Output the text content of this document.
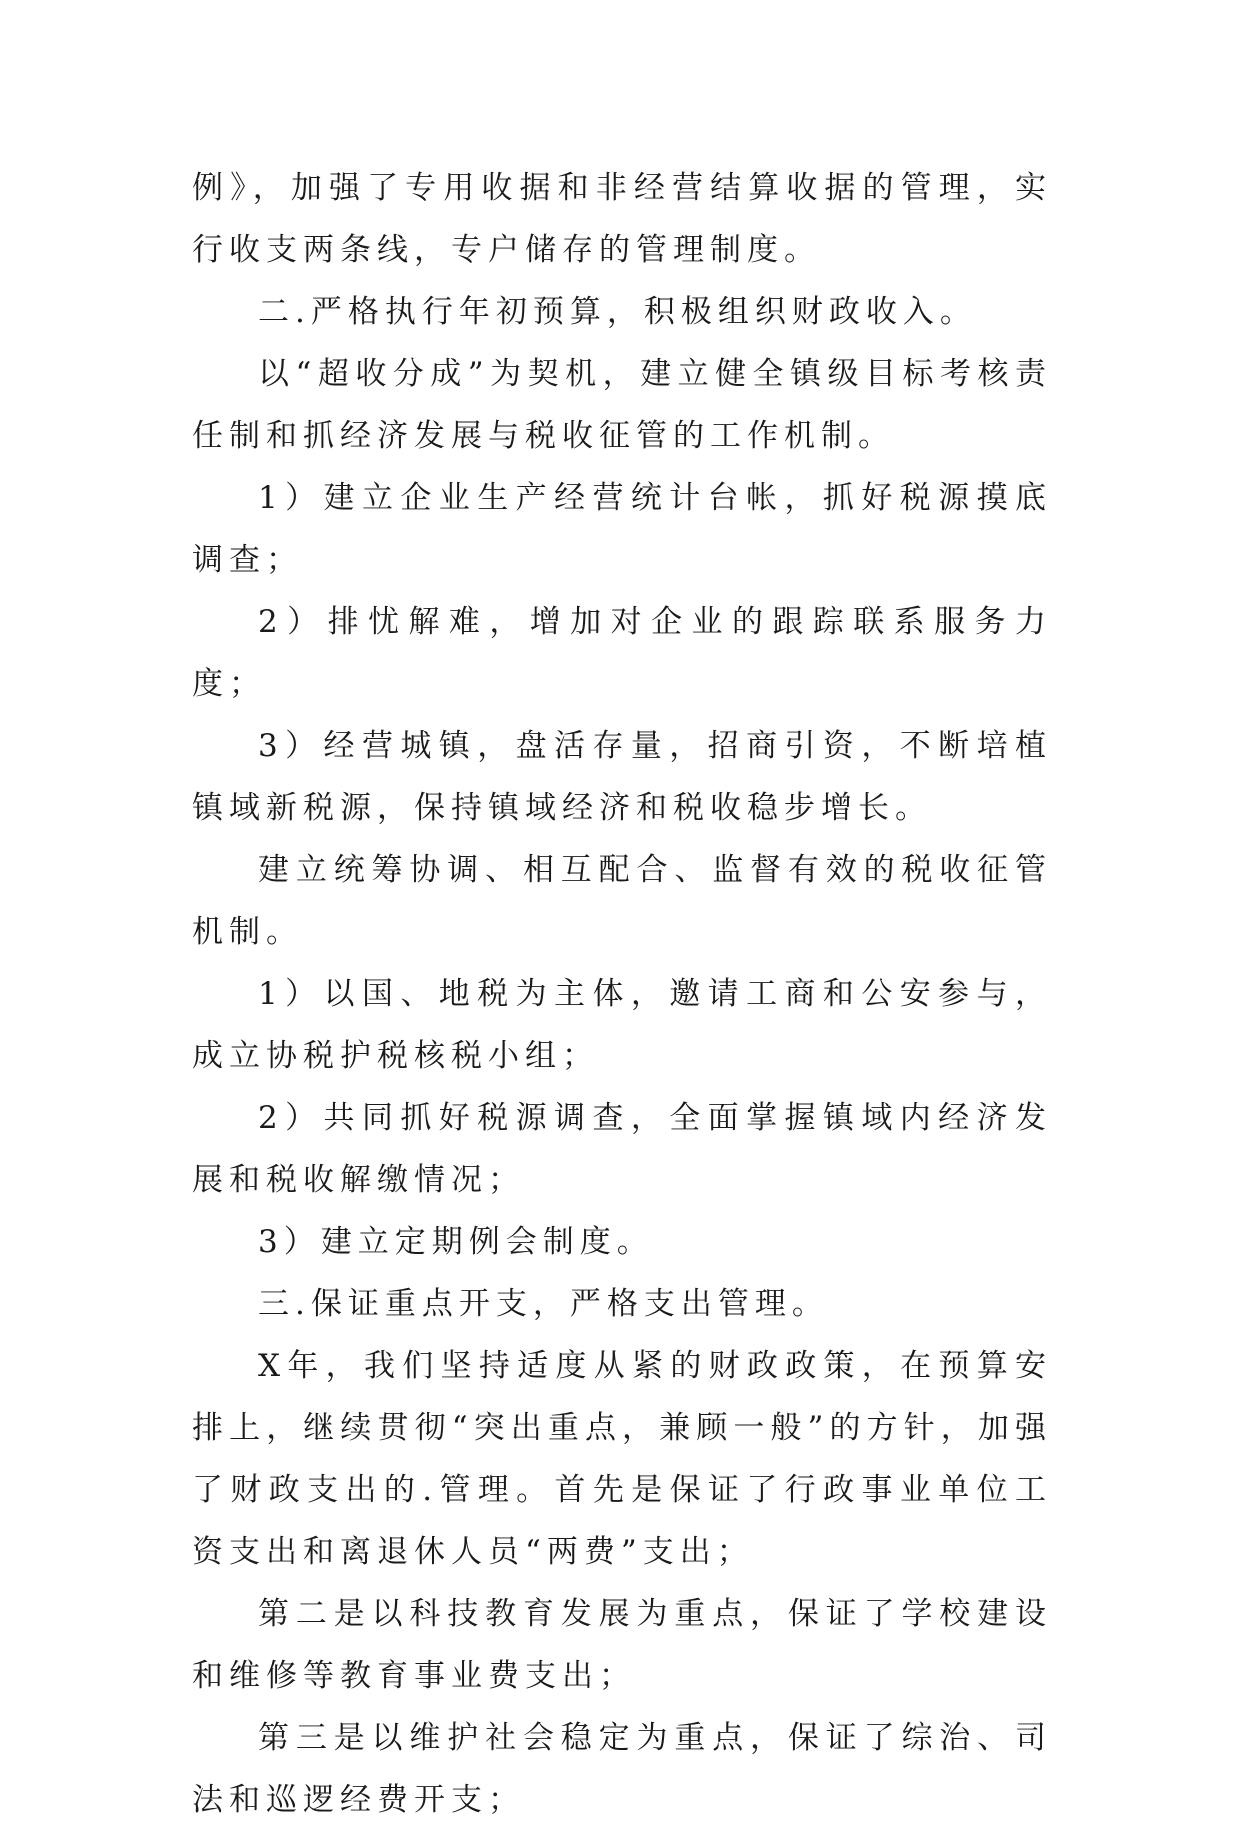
例》，加强了专用收据和非经营结算收据的管理，实行收支两条线，专户储存的管理制度。

二.严格执行年初预算，积极组织财政收入。

以“超收分成”为契机，建立健全镇级目标考核责任制和抓经济发展与税收征管的工作机制。

1）建立企业生产经营统计台帐，抓好税源摸底调查；

2）排忧解难，增加对企业的跟踪联系服务力度；

3）经营城镇，盘活存量，招商引资，不断培植镇域新税源，保持镇域经济和税收稳步增长。

建立统筹协调、相互配合、监督有效的税收征管机制。

1）以国、地税为主体，邀请工商和公安参与，成立协税护税核税小组；

2）共同抓好税源调查，全面掌握镇域内经济发展和税收解缴情况；

3）建立定期例会制度。

三.保证重点开支，严格支出管理。

X年，我们坚持适度从紧的财政政策，在预算安排上，继续贯彻“突出重点，兼顾一般”的方针，加强了财政支出的.管理。首先是保证了行政事业单位工资支出和离退休人员“两费”支出；

第二是以科技教育发展为重点，保证了学校建设和维修等教育事业费支出；

第三是以维护社会稳定为重点，保证了综治、司法和巡逻经费开支；
